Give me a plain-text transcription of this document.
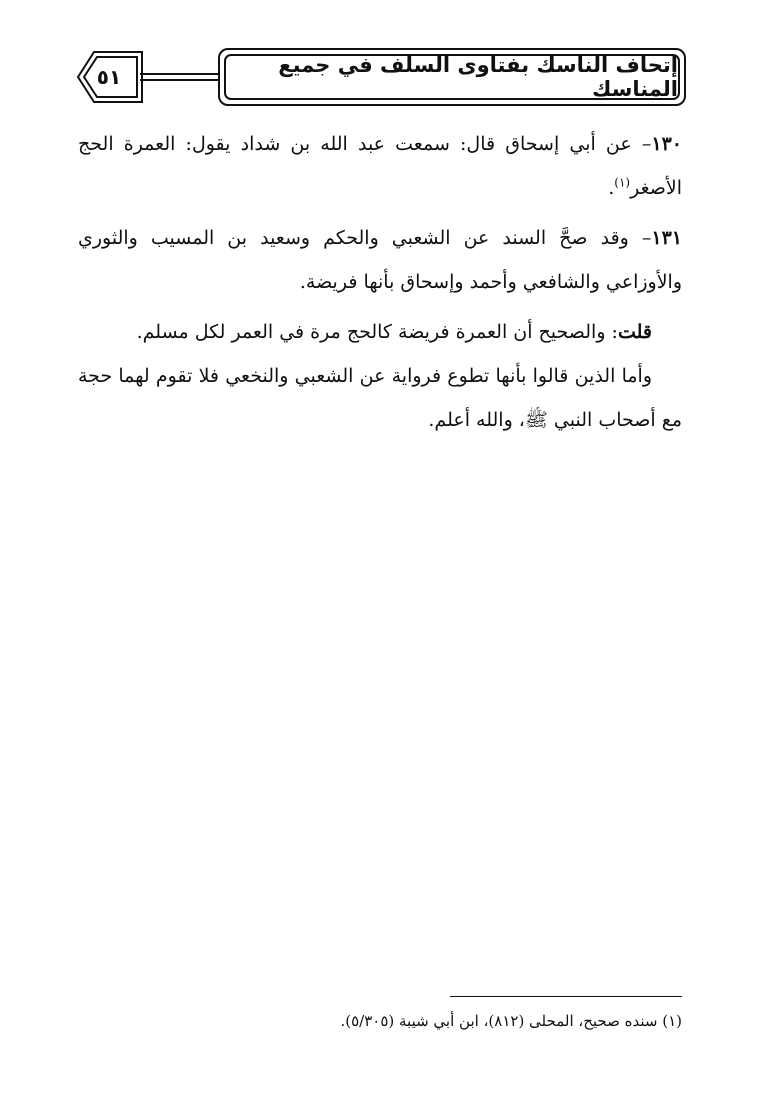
٥١	إتحاف الناسك بفتاوى السلف في جميع المناسك

١٣٠– عن أبي إسحاق قال: سمعت عبد الله بن شداد يقول: العمرة الحج الأصغر$^{(١)}$.

١٣١– وقد صحَّ السند عن الشعبي والحكم وسعيد بن المسيب والثوري والأوزاعي والشافعي وأحمد وإسحاق بأنها فريضة.

قلت: والصحيح أن العمرة فريضة كالحج مرة في العمر لكل مسلم.

وأما الذين قالوا بأنها تطوع فرواية عن الشعبي والنخعي فلا تقوم لهما حجة مع أصحاب النبي ﷺ، والله أعلم.

(١) سنده صحيح، المحلى (٨١٢)، ابن أبي شيبة (٥/٣٠٥).
